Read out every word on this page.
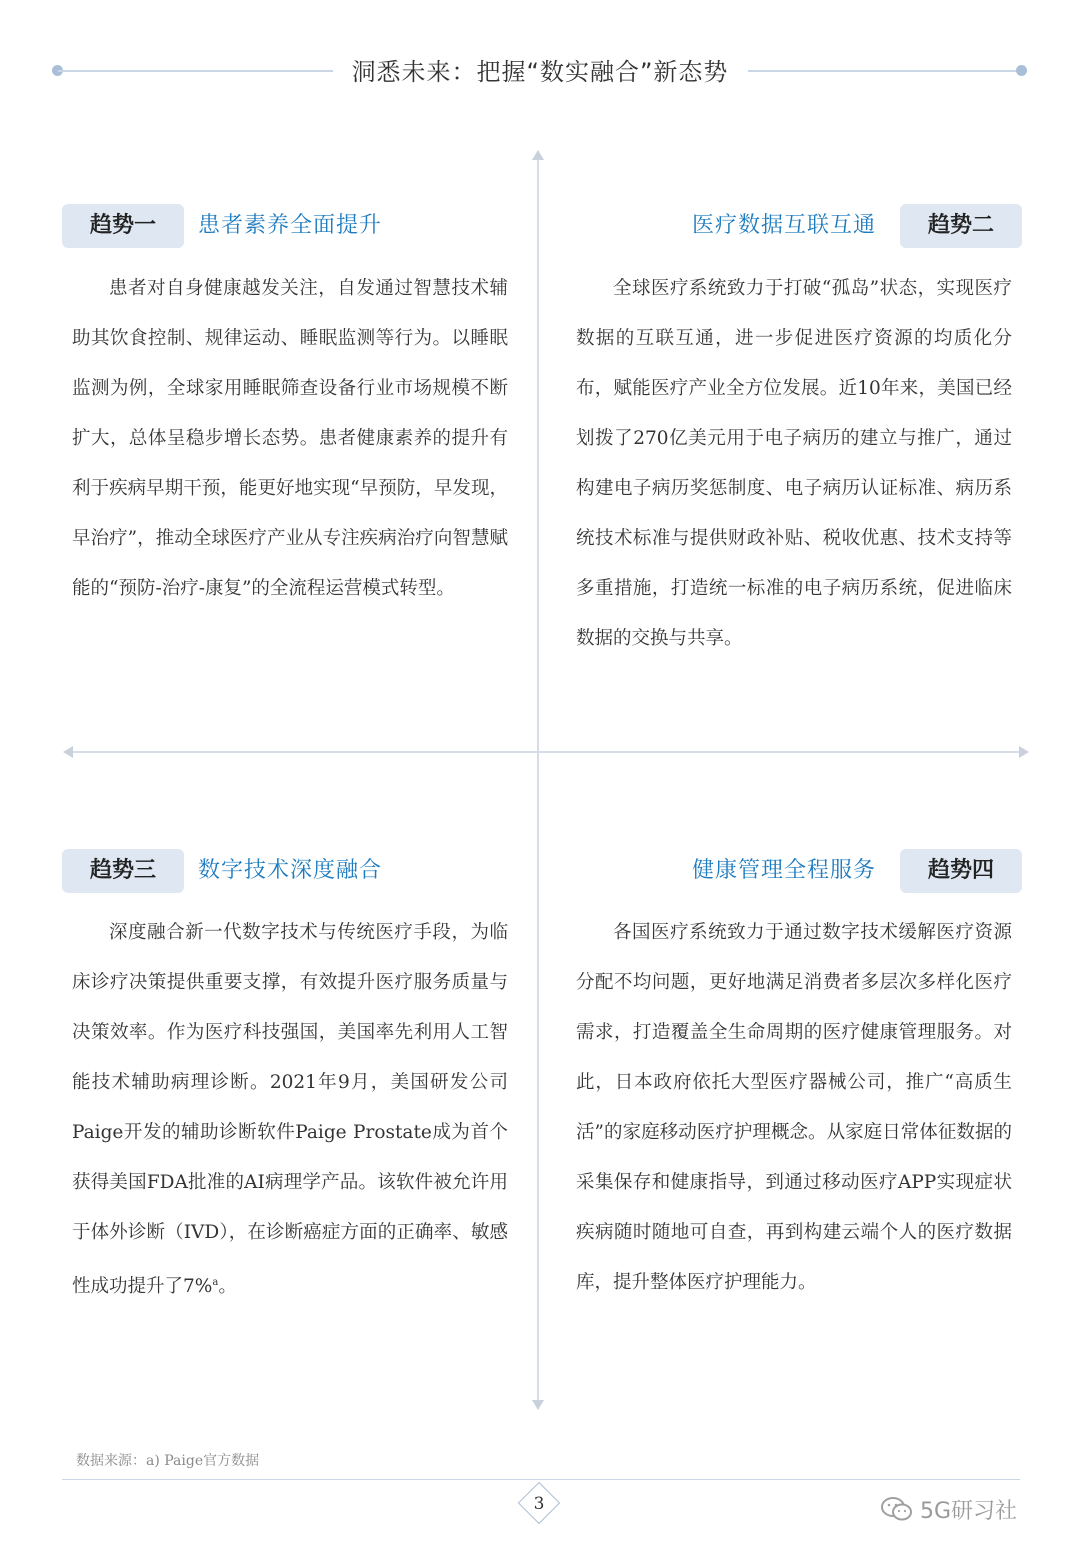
洞悉未来：把握“数实融合”新态势
趋势一	患者素养全面提升

患者对自身健康越发关注，自发通过智慧技术辅助其饮食控制、规律运动、睡眠监测等行为。以睡眠监测为例，全球家用睡眠筛查设备行业市场规模不断扩大，总体呈稳步增长态势。患者健康素养的提升有利于疾病早期干预，能更好地实现“早预防，早发现，早治疗”，推动全球医疗产业从专注疾病治疗向智慧赋能的“预防-治疗-康复”的全流程运营模式转型。

医疗数据互联互通	趋势二

全球医疗系统致力于打破“孤岛”状态，实现医疗数据的互联互通，进一步促进医疗资源的均质化分布，赋能医疗产业全方位发展。近10年来，美国已经划拨了270亿美元用于电子病历的建立与推广，通过构建电子病历奖惩制度、电子病历认证标准、病历系统技术标准与提供财政补贴、税收优惠、技术支持等多重措施，打造统一标准的电子病历系统，促进临床数据的交换与共享。

趋势三	数字技术深度融合

深度融合新一代数字技术与传统医疗手段，为临床诊疗决策提供重要支撑，有效提升医疗服务质量与决策效率。作为医疗科技强国，美国率先利用人工智能技术辅助病理诊断。2021年9月，美国研发公司Paige开发的辅助诊断软件Paige Prostate成为首个获得美国FDA批准的AI病理学产品。该软件被允许用于体外诊断（IVD），在诊断癌症方面的正确率、敏感性成功提升了7%$^a$。

健康管理全程服务	趋势四

各国医疗系统致力于通过数字技术缓解医疗资源分配不均问题，更好地满足消费者多层次多样化医疗需求，打造覆盖全生命周期的医疗健康管理服务。对此，日本政府依托大型医疗器械公司，推广“高质生活”的家庭移动医疗护理概念。从家庭日常体征数据的采集保存和健康指导，到通过移动医疗APP实现症状疾病随时随地可自查，再到构建云端个人的医疗数据库，提升整体医疗护理能力。

数据来源：a) Paige官方数据
3	5G研习社
